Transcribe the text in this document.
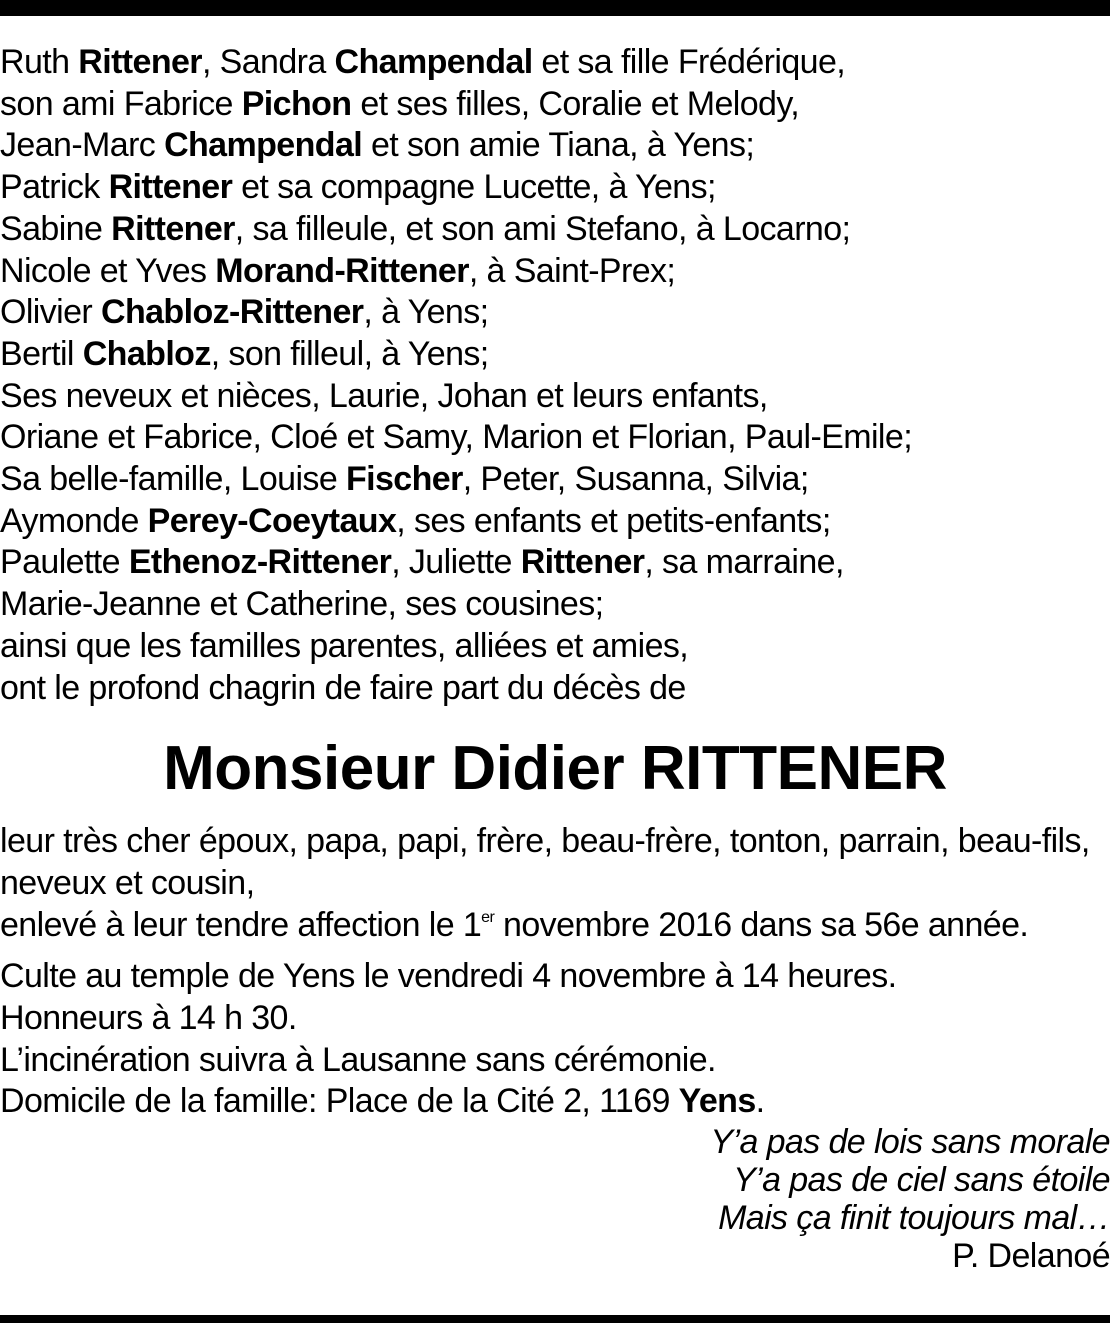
Ruth Rittener, Sandra Champendal et sa fille Frédérique,
son ami Fabrice Pichon et ses filles, Coralie et Melody,
Jean-Marc Champendal et son amie Tiana, à Yens;
Patrick Rittener et sa compagne Lucette, à Yens;
Sabine Rittener, sa filleule, et son ami Stefano, à Locarno;
Nicole et Yves Morand-Rittener, à Saint-Prex;
Olivier Chabloz-Rittener, à Yens;
Bertil Chabloz, son filleul, à Yens;
Ses neveux et nièces, Laurie, Johan et leurs enfants,
Oriane et Fabrice, Cloé et Samy, Marion et Florian, Paul-Emile;
Sa belle-famille, Louise Fischer, Peter, Susanna, Silvia;
Aymonde Perey-Coeytaux, ses enfants et petits-enfants;
Paulette Ethenoz-Rittener, Juliette Rittener, sa marraine,
Marie-Jeanne et Catherine, ses cousines;
ainsi que les familles parentes, alliées et amies,
ont le profond chagrin de faire part du décès de
Monsieur Didier RITTENER

leur très cher époux, papa, papi, frère, beau-frère, tonton, parrain, beau-fils,

neveux et cousin,

enlevé à leur tendre affection le 1er novembre 2016 dans sa 56e année.

Culte au temple de Yens le vendredi 4 novembre à 14 heures.

Honneurs à 14 h 30.

L’incinération suivra à Lausanne sans cérémonie.

Domicile de la famille: Place de la Cité 2, 1169 Yens.

Y’a pas de lois sans morale
Y’a pas de ciel sans étoile
Mais ça finit toujours mal…
P. Delanoé
